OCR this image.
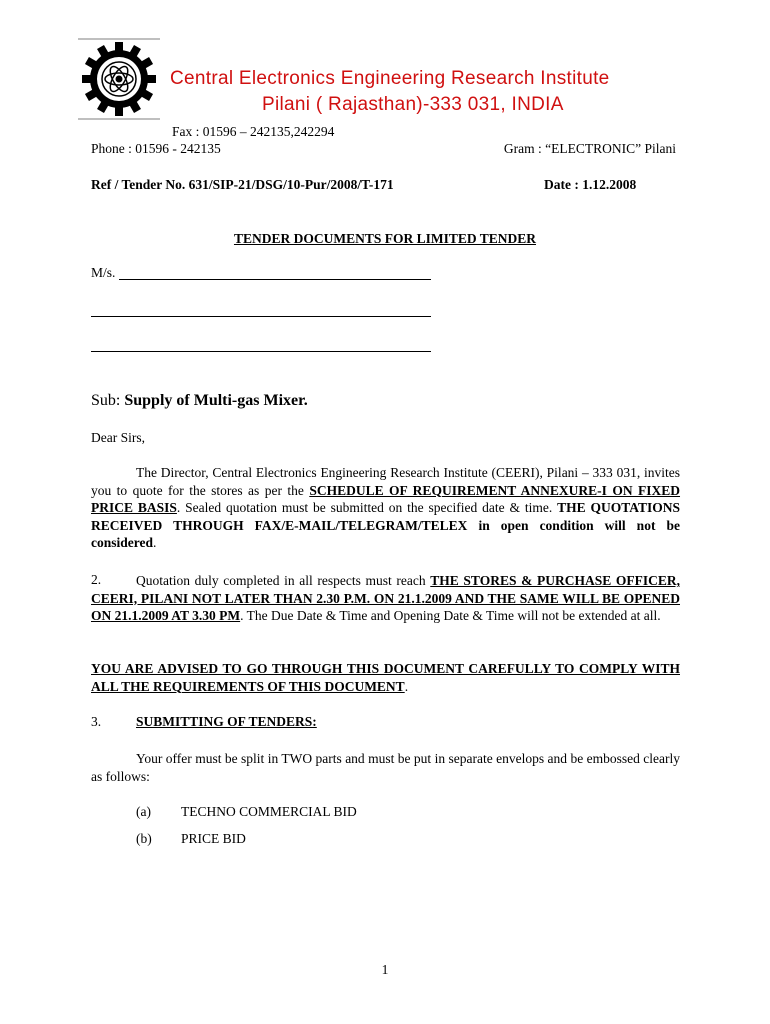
Central Electronics Engineering Research Institute
Pilani ( Rajasthan)-333 031, INDIA
Fax : 01596 – 242135,242294
Phone : 01596 - 242135	Gram : “ELECTRONIC” Pilani
Ref / Tender No. 631/SIP-21/DSG/10-Pur/2008/T-171	Date : 1.12.2008
TENDER DOCUMENTS FOR LIMITED TENDER
M/s.
Sub: Supply of Multi-gas Mixer.
Dear Sirs,
The Director, Central Electronics Engineering Research Institute (CEERI), Pilani – 333 031, invites you to quote for the stores as per the SCHEDULE OF REQUIREMENT ANNEXURE-I ON FIXED PRICE BASIS. Sealed quotation must be submitted on the specified date & time. THE QUOTATIONS RECEIVED THROUGH FAX/E-MAIL/TELEGRAM/TELEX in open condition will not be considered.
2.	Quotation duly completed in all respects must reach THE STORES & PURCHASE OFFICER, CEERI, PILANI NOT LATER THAN 2.30 P.M. ON 21.1.2009 AND THE SAME WILL BE OPENED ON 21.1.2009 AT 3.30 PM. The Due Date & Time and Opening Date & Time will not be extended at all.
YOU ARE ADVISED TO GO THROUGH THIS DOCUMENT CAREFULLY TO COMPLY WITH ALL THE REQUIREMENTS OF THIS DOCUMENT.
3.	SUBMITTING OF TENDERS:
Your offer must be split in TWO parts and must be put in separate envelops and be embossed clearly as follows:
(a) TECHNO COMMERCIAL BID
(b) PRICE BID
1
